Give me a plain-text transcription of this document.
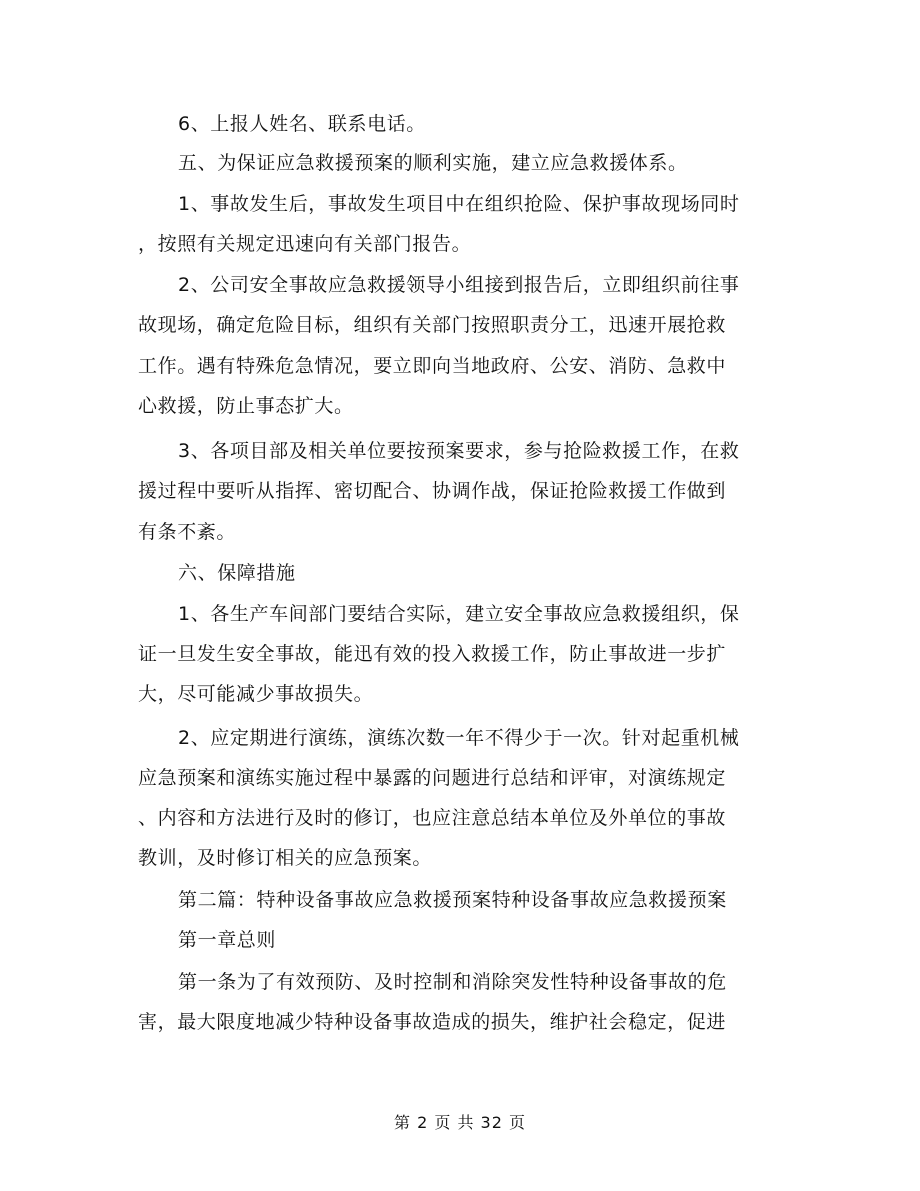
6、上报人姓名、联系电话。
五、为保证应急救援预案的顺利实施，建立应急救援体系。
1、事故发生后，事故发生项目中在组织抢险、保护事故现场同时
，按照有关规定迅速向有关部门报告。
2、公司安全事故应急救援领导小组接到报告后，立即组织前往事
故现场，确定危险目标，组织有关部门按照职责分工，迅速开展抢救
工作。遇有特殊危急情况，要立即向当地政府、公安、消防、急救中
心救援，防止事态扩大。
3、各项目部及相关单位要按预案要求，参与抢险救援工作，在救
援过程中要听从指挥、密切配合、协调作战，保证抢险救援工作做到
有条不紊。
六、保障措施
1、各生产车间部门要结合实际，建立安全事故应急救援组织，保
证一旦发生安全事故，能迅有效的投入救援工作，防止事故进一步扩
大，尽可能减少事故损失。
2、应定期进行演练，演练次数一年不得少于一次。针对起重机械
应急预案和演练实施过程中暴露的问题进行总结和评审，对演练规定
、内容和方法进行及时的修订，也应注意总结本单位及外单位的事故
教训，及时修订相关的应急预案。
第二篇：特种设备事故应急救援预案特种设备事故应急救援预案
第一章总则
第一条为了有效预防、及时控制和消除突发性特种设备事故的危
害，最大限度地减少特种设备事故造成的损失，维护社会稳定，促进
第 2 页 共 32 页
